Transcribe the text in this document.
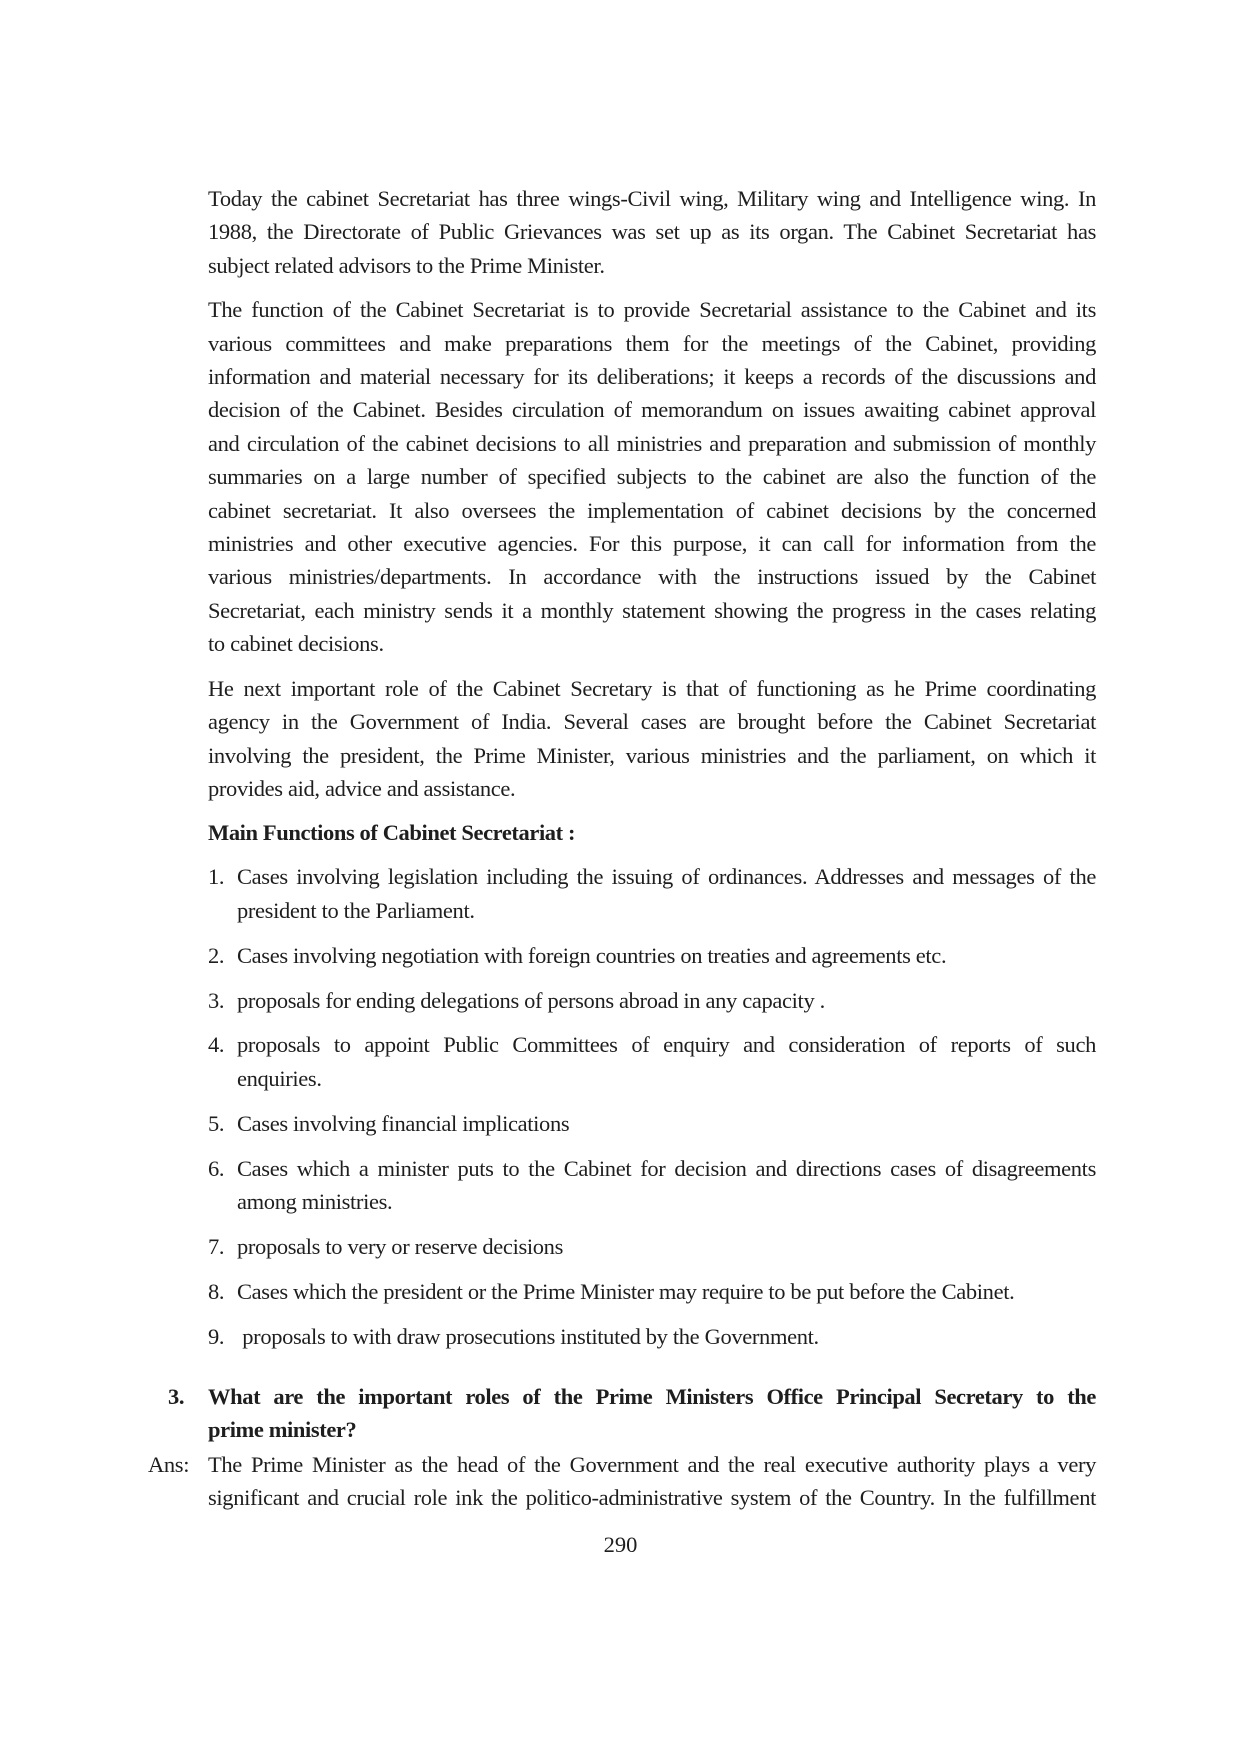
Today the cabinet Secretariat has three wings-Civil wing, Military wing and Intelligence wing. In
1988, the Directorate of Public Grievances was set up as its organ. The Cabinet Secretariat has
subject related advisors to the Prime Minister.

The function of the Cabinet Secretariat is to provide Secretarial assistance to the Cabinet and its
various committees and make preparations them for the meetings of the Cabinet, providing
information and material necessary for its deliberations; it keeps a records of the discussions and
decision of the Cabinet. Besides circulation of memorandum on issues awaiting cabinet approval
and circulation of the cabinet decisions to all ministries and preparation and submission of monthly
summaries on a large number of specified subjects to the cabinet are also the function of the
cabinet secretariat. It also oversees the implementation of cabinet decisions by the concerned
ministries and other executive agencies. For this purpose, it can call for information from the
various ministries/departments. In accordance with the instructions issued by the Cabinet
Secretariat, each ministry sends it a monthly statement showing the progress in the cases relating
to cabinet decisions.

He next important role of the Cabinet Secretary is that of functioning as he Prime coordinating
agency in the Government of India. Several cases are brought before the Cabinet Secretariat
involving the president, the Prime Minister, various ministries and the parliament, on which it
provides aid, advice and assistance.

Main Functions of Cabinet Secretariat :
1. Cases involving legislation including the issuing of ordinances. Addresses and messages of the
president to the Parliament.
2. Cases involving negotiation with foreign countries on treaties and agreements etc.
3. proposals for ending delegations of persons abroad in any capacity .
4. proposals to appoint Public Committees of enquiry and consideration of reports of such
enquiries.
5. Cases involving financial implications
6. Cases which a minister puts to the Cabinet for decision and directions cases of disagreements
among ministries.
7. proposals to very or reserve decisions
8. Cases which the president or the Prime Minister may require to be put before the Cabinet.
9. proposals to with draw prosecutions instituted by the Government.
3. What are the important roles of the Prime Ministers Office Principal Secretary to the
prime minister?
Ans: The Prime Minister as the head of the Government and the real executive authority plays a very
significant and crucial role ink the politico-administrative system of the Country. In the fulfillment
290
